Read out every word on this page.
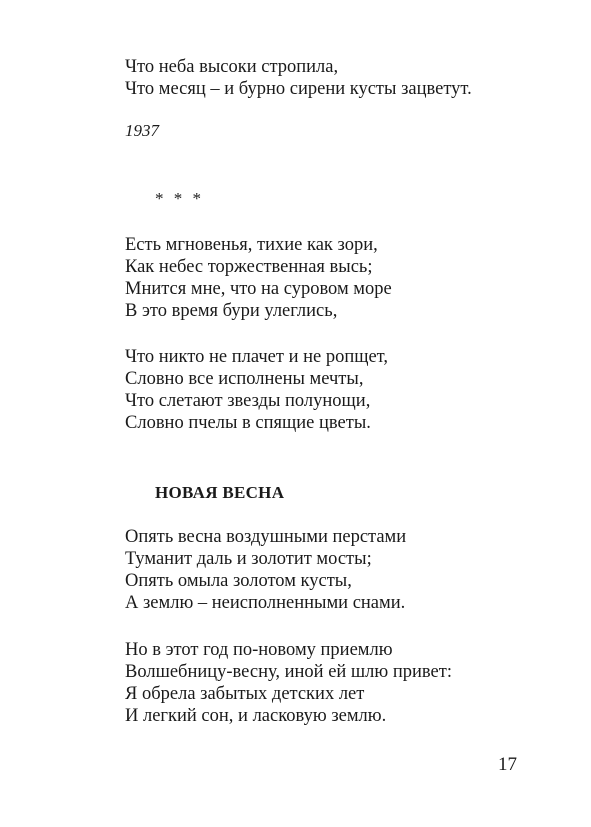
Что неба высоки стропила,
Что месяц – и бурно сирени кусты зацветут.
1937
* * *
Есть мгновенья, тихие как зори,
Как небес торжественная высь;
Мнится мне, что на суровом море
В это время бури улеглись,
Что никто не плачет и не ропщет,
Словно все исполнены мечты,
Что слетают звезды полунощи,
Словно пчелы в спящие цветы.
НОВАЯ ВЕСНА
Опять весна воздушными перстами
Туманит даль и золотит мосты;
Опять омыла золотом кусты,
А землю – неисполненными снами.
Но в этот год по-новому приемлю
Волшебницу-весну, иной ей шлю привет:
Я обрела забытых детских лет
И легкий сон, и ласковую землю.
17
